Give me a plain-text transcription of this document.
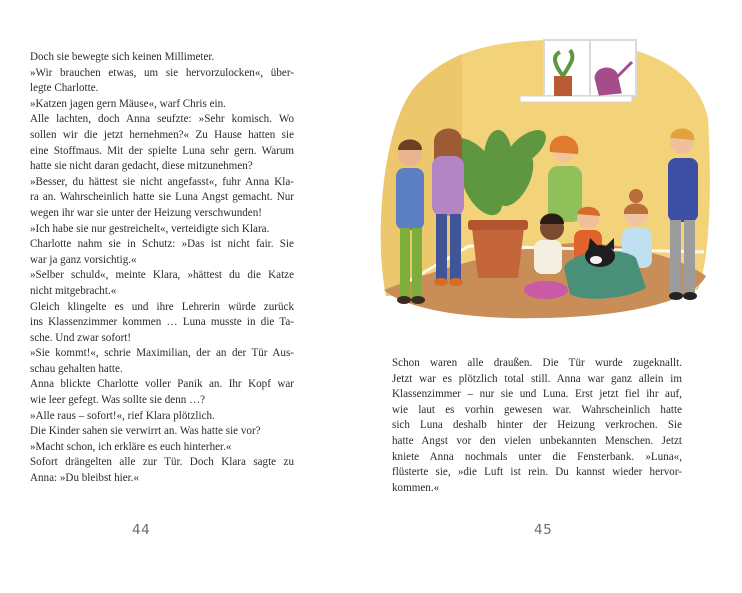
Doch sie bewegte sich keinen Millimeter.
»Wir brauchen etwas, um sie hervorzulocken«, über-
legte Charlotte.
»Katzen jagen gern Mäuse«, warf Chris ein.
Alle lachten, doch Anna seufzte: »Sehr komisch. Wo
sollen wir die jetzt hernehmen?« Zu Hause hatten sie
eine Stoffmaus. Mit der spielte Luna sehr gern. Warum
hatte sie nicht daran gedacht, diese mitzunehmen?
»Besser, du hättest sie nicht angefasst«, fuhr Anna Kla-
ra an. Wahrscheinlich hatte sie Luna Angst gemacht. Nur
wegen ihr war sie unter der Heizung verschwunden!
»Ich habe sie nur gestreichelt«, verteidigte sich Klara.
Charlotte nahm sie in Schutz: »Das ist nicht fair. Sie
war ja ganz vorsichtig.«
»Selber schuld«, meinte Klara, »hättest du die Katze
nicht mitgebracht.«
Gleich klingelte es und ihre Lehrerin würde zurück
ins Klassenzimmer kommen … Luna musste in die Ta-
sche. Und zwar sofort!
»Sie kommt!«, schrie Maximilian, der an der Tür Aus-
schau gehalten hatte.
Anna blickte Charlotte voller Panik an. Ihr Kopf war
wie leer gefegt. Was sollte sie denn …?
»Alle raus – sofort!«, rief Klara plötzlich.
Die Kinder sahen sie verwirrt an. Was hatte sie vor?
»Macht schon, ich erkläre es euch hinterher.«
Sofort drängelten alle zur Tür. Doch Klara sagte zu
Anna: »Du bleibst hier.«
44
Schon waren alle draußen. Die Tür wurde zugeknallt.
Jetzt war es plötzlich total still. Anna war ganz allein im
Klassenzimmer – nur sie und Luna. Erst jetzt fiel ihr auf,
wie laut es vorhin gewesen war. Wahrscheinlich hatte
sich Luna deshalb hinter der Heizung verkrochen. Sie
hatte Angst vor den vielen unbekannten Menschen. Jetzt
kniete Anna nochmals unter die Fensterbank. »Luna«,
flüsterte sie, »die Luft ist rein. Du kannst wieder hervor-
kommen.«
45
